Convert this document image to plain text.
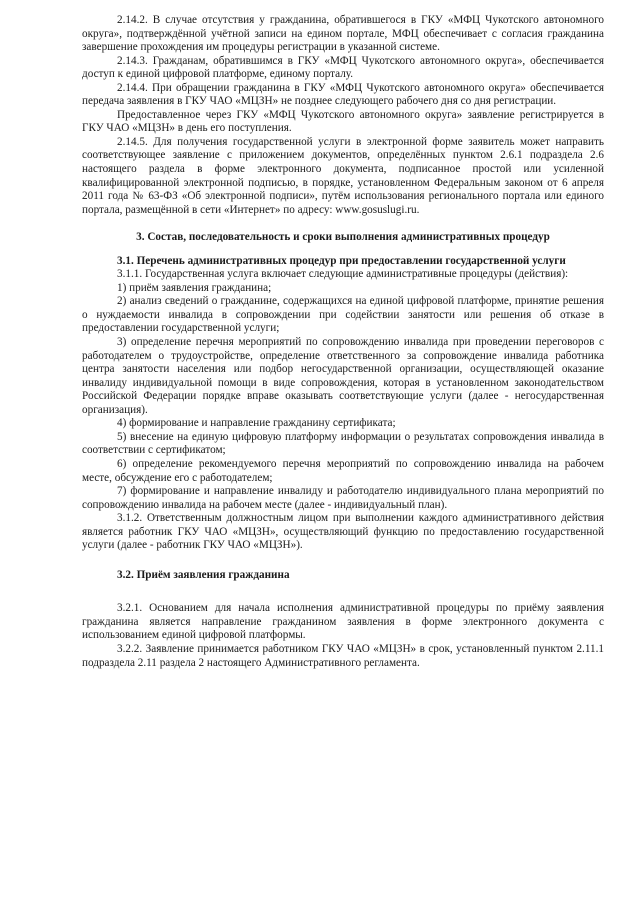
2.14.2. В случае отсутствия у гражданина, обратившегося в ГКУ «МФЦ Чукотского автономного округа», подтверждённой учётной записи на едином портале, МФЦ обеспечивает с согласия гражданина завершение прохождения им процедуры регистрации в указанной системе.

2.14.3. Гражданам, обратившимся в ГКУ «МФЦ Чукотского автономного округа», обеспечивается доступ к единой цифровой платформе, единому порталу.

2.14.4. При обращении гражданина в ГКУ «МФЦ Чукотского автономного округа» обеспечивается передача заявления в ГКУ ЧАО «МЦЗН» не позднее следующего рабочего дня со дня регистрации.

Предоставленное через ГКУ «МФЦ Чукотского автономного округа» заявление регистрируется в ГКУ ЧАО «МЦЗН» в день его поступления.

2.14.5. Для получения государственной услуги в электронной форме заявитель может направить соответствующее заявление с приложением документов, определённых пунктом 2.6.1 подраздела 2.6 настоящего раздела в форме электронного документа, подписанное простой или усиленной квалифицированной электронной подписью, в порядке, установленном Федеральным законом от 6 апреля 2011 года № 63-ФЗ «Об электронной подписи», путём использования регионального портала или единого портала, размещённой в сети «Интернет» по адресу: www.gosuslugi.ru.

3. Состав, последовательность и сроки выполнения административных процедур

3.1. Перечень административных процедур при предоставлении государственной услуги

3.1.1. Государственная услуга включает следующие административные процедуры (действия):

1) приём заявления гражданина;

2) анализ сведений о гражданине, содержащихся на единой цифровой платформе, принятие решения о нуждаемости инвалида в сопровождении при содействии занятости или решения об отказе в предоставлении государственной услуги;

3) определение перечня мероприятий по сопровождению инвалида при проведении переговоров с работодателем о трудоустройстве, определение ответственного за сопровождение инвалида работника центра занятости населения или подбор негосударственной организации, осуществляющей оказание инвалиду индивидуальной помощи в виде сопровождения, которая в установленном законодательством Российской Федерации порядке вправе оказывать соответствующие услуги (далее - негосударственная организация).

4) формирование и направление гражданину сертификата;

5) внесение на единую цифровую платформу информации о результатах сопровождения инвалида в соответствии с сертификатом;

6) определение рекомендуемого перечня мероприятий по сопровождению инвалида на рабочем месте, обсуждение его с работодателем;

7) формирование и направление инвалиду и работодателю индивидуального плана мероприятий по сопровождению инвалида на рабочем месте (далее - индивидуальный план).

3.1.2. Ответственным должностным лицом при выполнении каждого административного действия является работник ГКУ ЧАО «МЦЗН», осуществляющий функцию по предоставлению государственной услуги (далее - работник ГКУ ЧАО «МЦЗН»).

3.2. Приём заявления гражданина

3.2.1. Основанием для начала исполнения административной процедуры по приёму заявления гражданина является направление гражданином заявления в форме электронного документа с использованием единой цифровой платформы.

3.2.2. Заявление принимается работником ГКУ ЧАО «МЦЗН» в срок, установленный пунктом 2.11.1 подраздела 2.11 раздела 2 настоящего Административного регламента.
